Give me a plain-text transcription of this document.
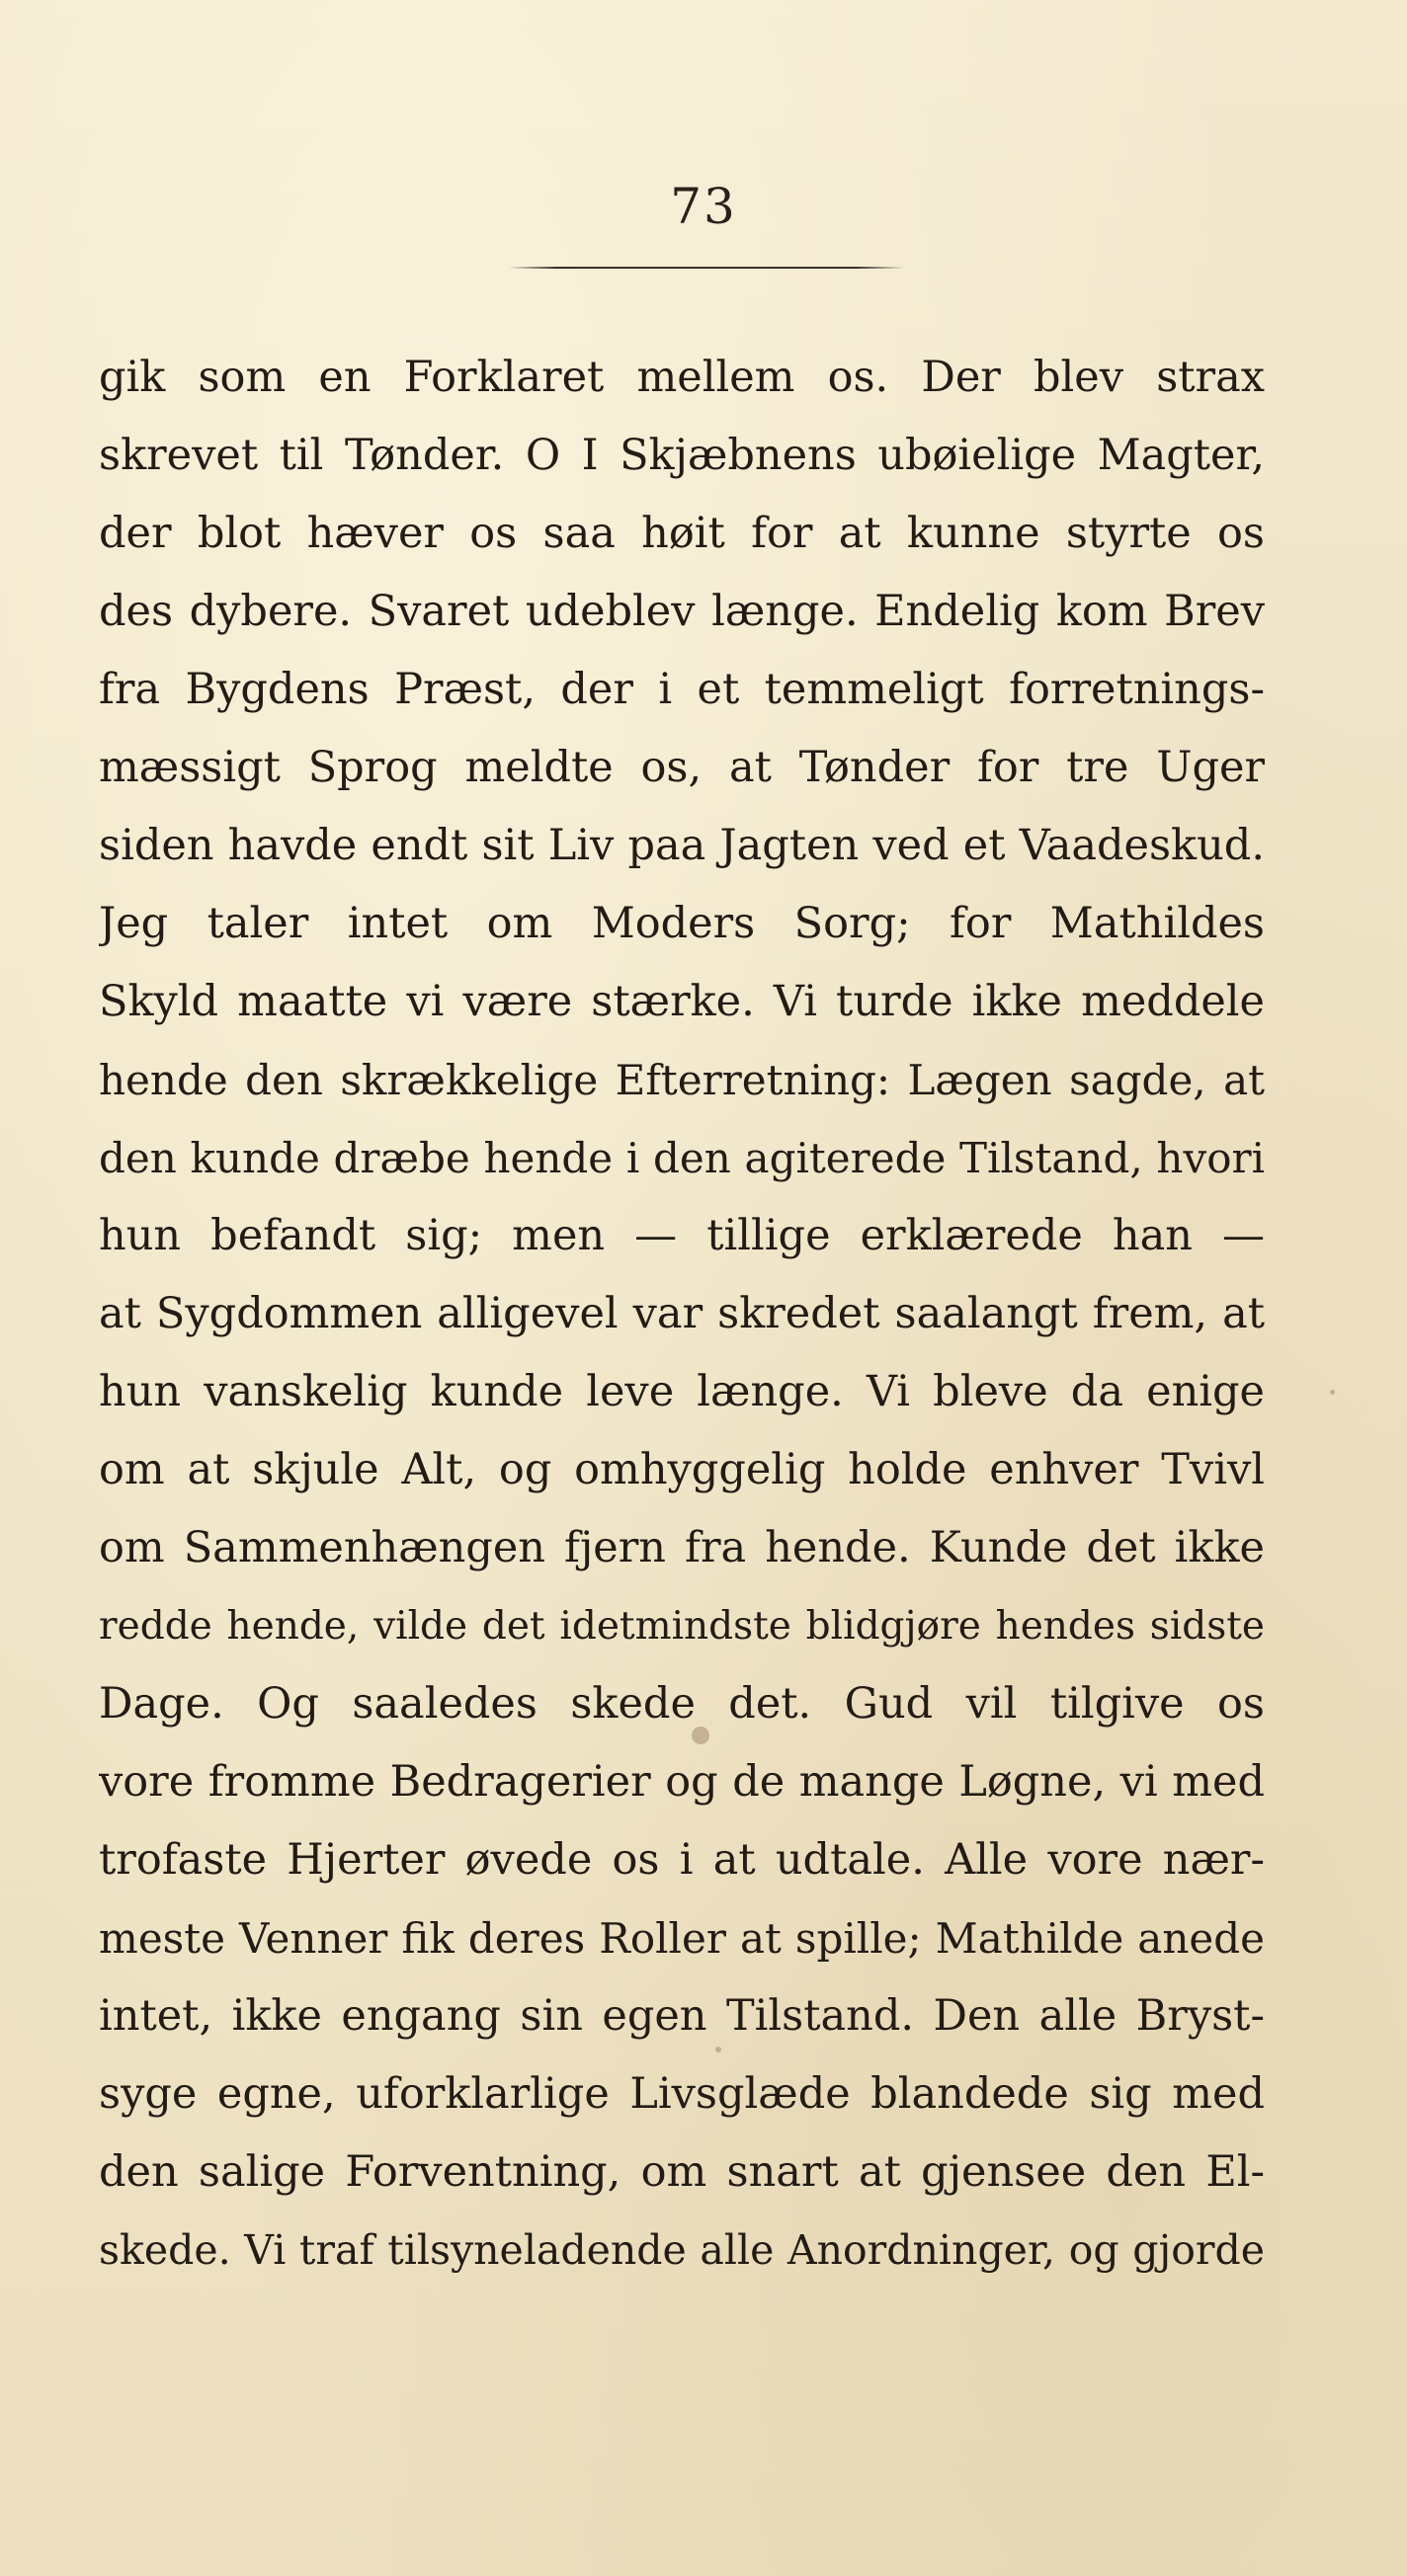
73
gik som en Forklaret mellem os. Der blev strax
skrevet til Tønder. O I Skjæbnens ubøielige Magter,
der blot hæver os saa høit for at kunne styrte os
des dybere. Svaret udeblev længe. Endelig kom Brev
fra Bygdens Præst, der i et temmeligt forretnings-
mæssigt Sprog meldte os, at Tønder for tre Uger
siden havde endt sit Liv paa Jagten ved et Vaadeskud.
Jeg taler intet om Moders Sorg; for Mathildes
Skyld maatte vi være stærke. Vi turde ikke meddele
hende den skrækkelige Efterretning: Lægen sagde, at
den kunde dræbe hende i den agiterede Tilstand, hvori
hun befandt sig; men — tillige erklærede han —
at Sygdommen alligevel var skredet saalangt frem, at
hun vanskelig kunde leve længe. Vi bleve da enige
om at skjule Alt, og omhyggelig holde enhver Tvivl
om Sammenhængen fjern fra hende. Kunde det ikke
redde hende, vilde det idetmindste blidgjøre hendes sidste
Dage. Og saaledes skede det. Gud vil tilgive os
vore fromme Bedragerier og de mange Løgne, vi med
trofaste Hjerter øvede os i at udtale. Alle vore nær-
meste Venner fik deres Roller at spille; Mathilde anede
intet, ikke engang sin egen Tilstand. Den alle Bryst-
syge egne, uforklarlige Livsglæde blandede sig med
den salige Forventning, om snart at gjensee den El-
skede. Vi traf tilsyneladende alle Anordninger, og gjorde
